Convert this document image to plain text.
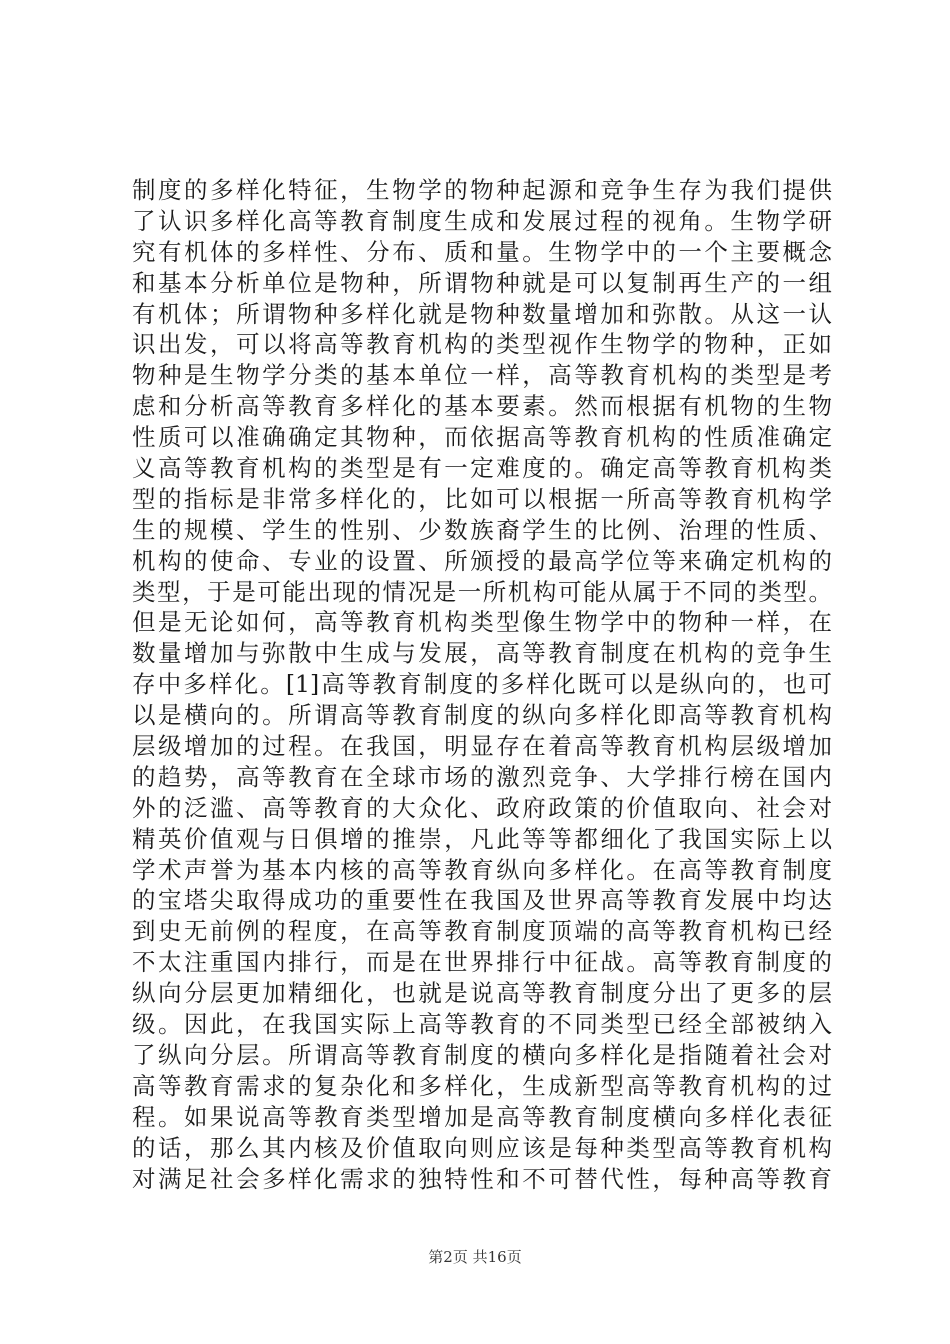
制度的多样化特征，生物学的物种起源和竞争生存为我们提供
了认识多样化高等教育制度生成和发展过程的视角。生物学研
究有机体的多样性、分布、质和量。生物学中的一个主要概念
和基本分析单位是物种，所谓物种就是可以复制再生产的一组
有机体；所谓物种多样化就是物种数量增加和弥散。从这一认
识出发，可以将高等教育机构的类型视作生物学的物种，正如
物种是生物学分类的基本单位一样，高等教育机构的类型是考
虑和分析高等教育多样化的基本要素。然而根据有机物的生物
性质可以准确确定其物种，而依据高等教育机构的性质准确定
义高等教育机构的类型是有一定难度的。确定高等教育机构类
型的指标是非常多样化的，比如可以根据一所高等教育机构学
生的规模、学生的性别、少数族裔学生的比例、治理的性质、
机构的使命、专业的设置、所颁授的最高学位等来确定机构的
类型，于是可能出现的情况是一所机构可能从属于不同的类型。
但是无论如何，高等教育机构类型像生物学中的物种一样，在
数量增加与弥散中生成与发展，高等教育制度在机构的竞争生
存中多样化。[1]高等教育制度的多样化既可以是纵向的，也可
以是横向的。所谓高等教育制度的纵向多样化即高等教育机构
层级增加的过程。在我国，明显存在着高等教育机构层级增加
的趋势，高等教育在全球市场的激烈竞争、大学排行榜在国内
外的泛滥、高等教育的大众化、政府政策的价值取向、社会对
精英价值观与日俱增的推崇，凡此等等都细化了我国实际上以
学术声誉为基本内核的高等教育纵向多样化。在高等教育制度
的宝塔尖取得成功的重要性在我国及世界高等教育发展中均达
到史无前例的程度，在高等教育制度顶端的高等教育机构已经
不太注重国内排行，而是在世界排行中征战。高等教育制度的
纵向分层更加精细化，也就是说高等教育制度分出了更多的层
级。因此，在我国实际上高等教育的不同类型已经全部被纳入
了纵向分层。所谓高等教育制度的横向多样化是指随着社会对
高等教育需求的复杂化和多样化，生成新型高等教育机构的过
程。如果说高等教育类型增加是高等教育制度横向多样化表征
的话，那么其内核及价值取向则应该是每种类型高等教育机构
对满足社会多样化需求的独特性和不可替代性，每种高等教育
第2页 共16页
